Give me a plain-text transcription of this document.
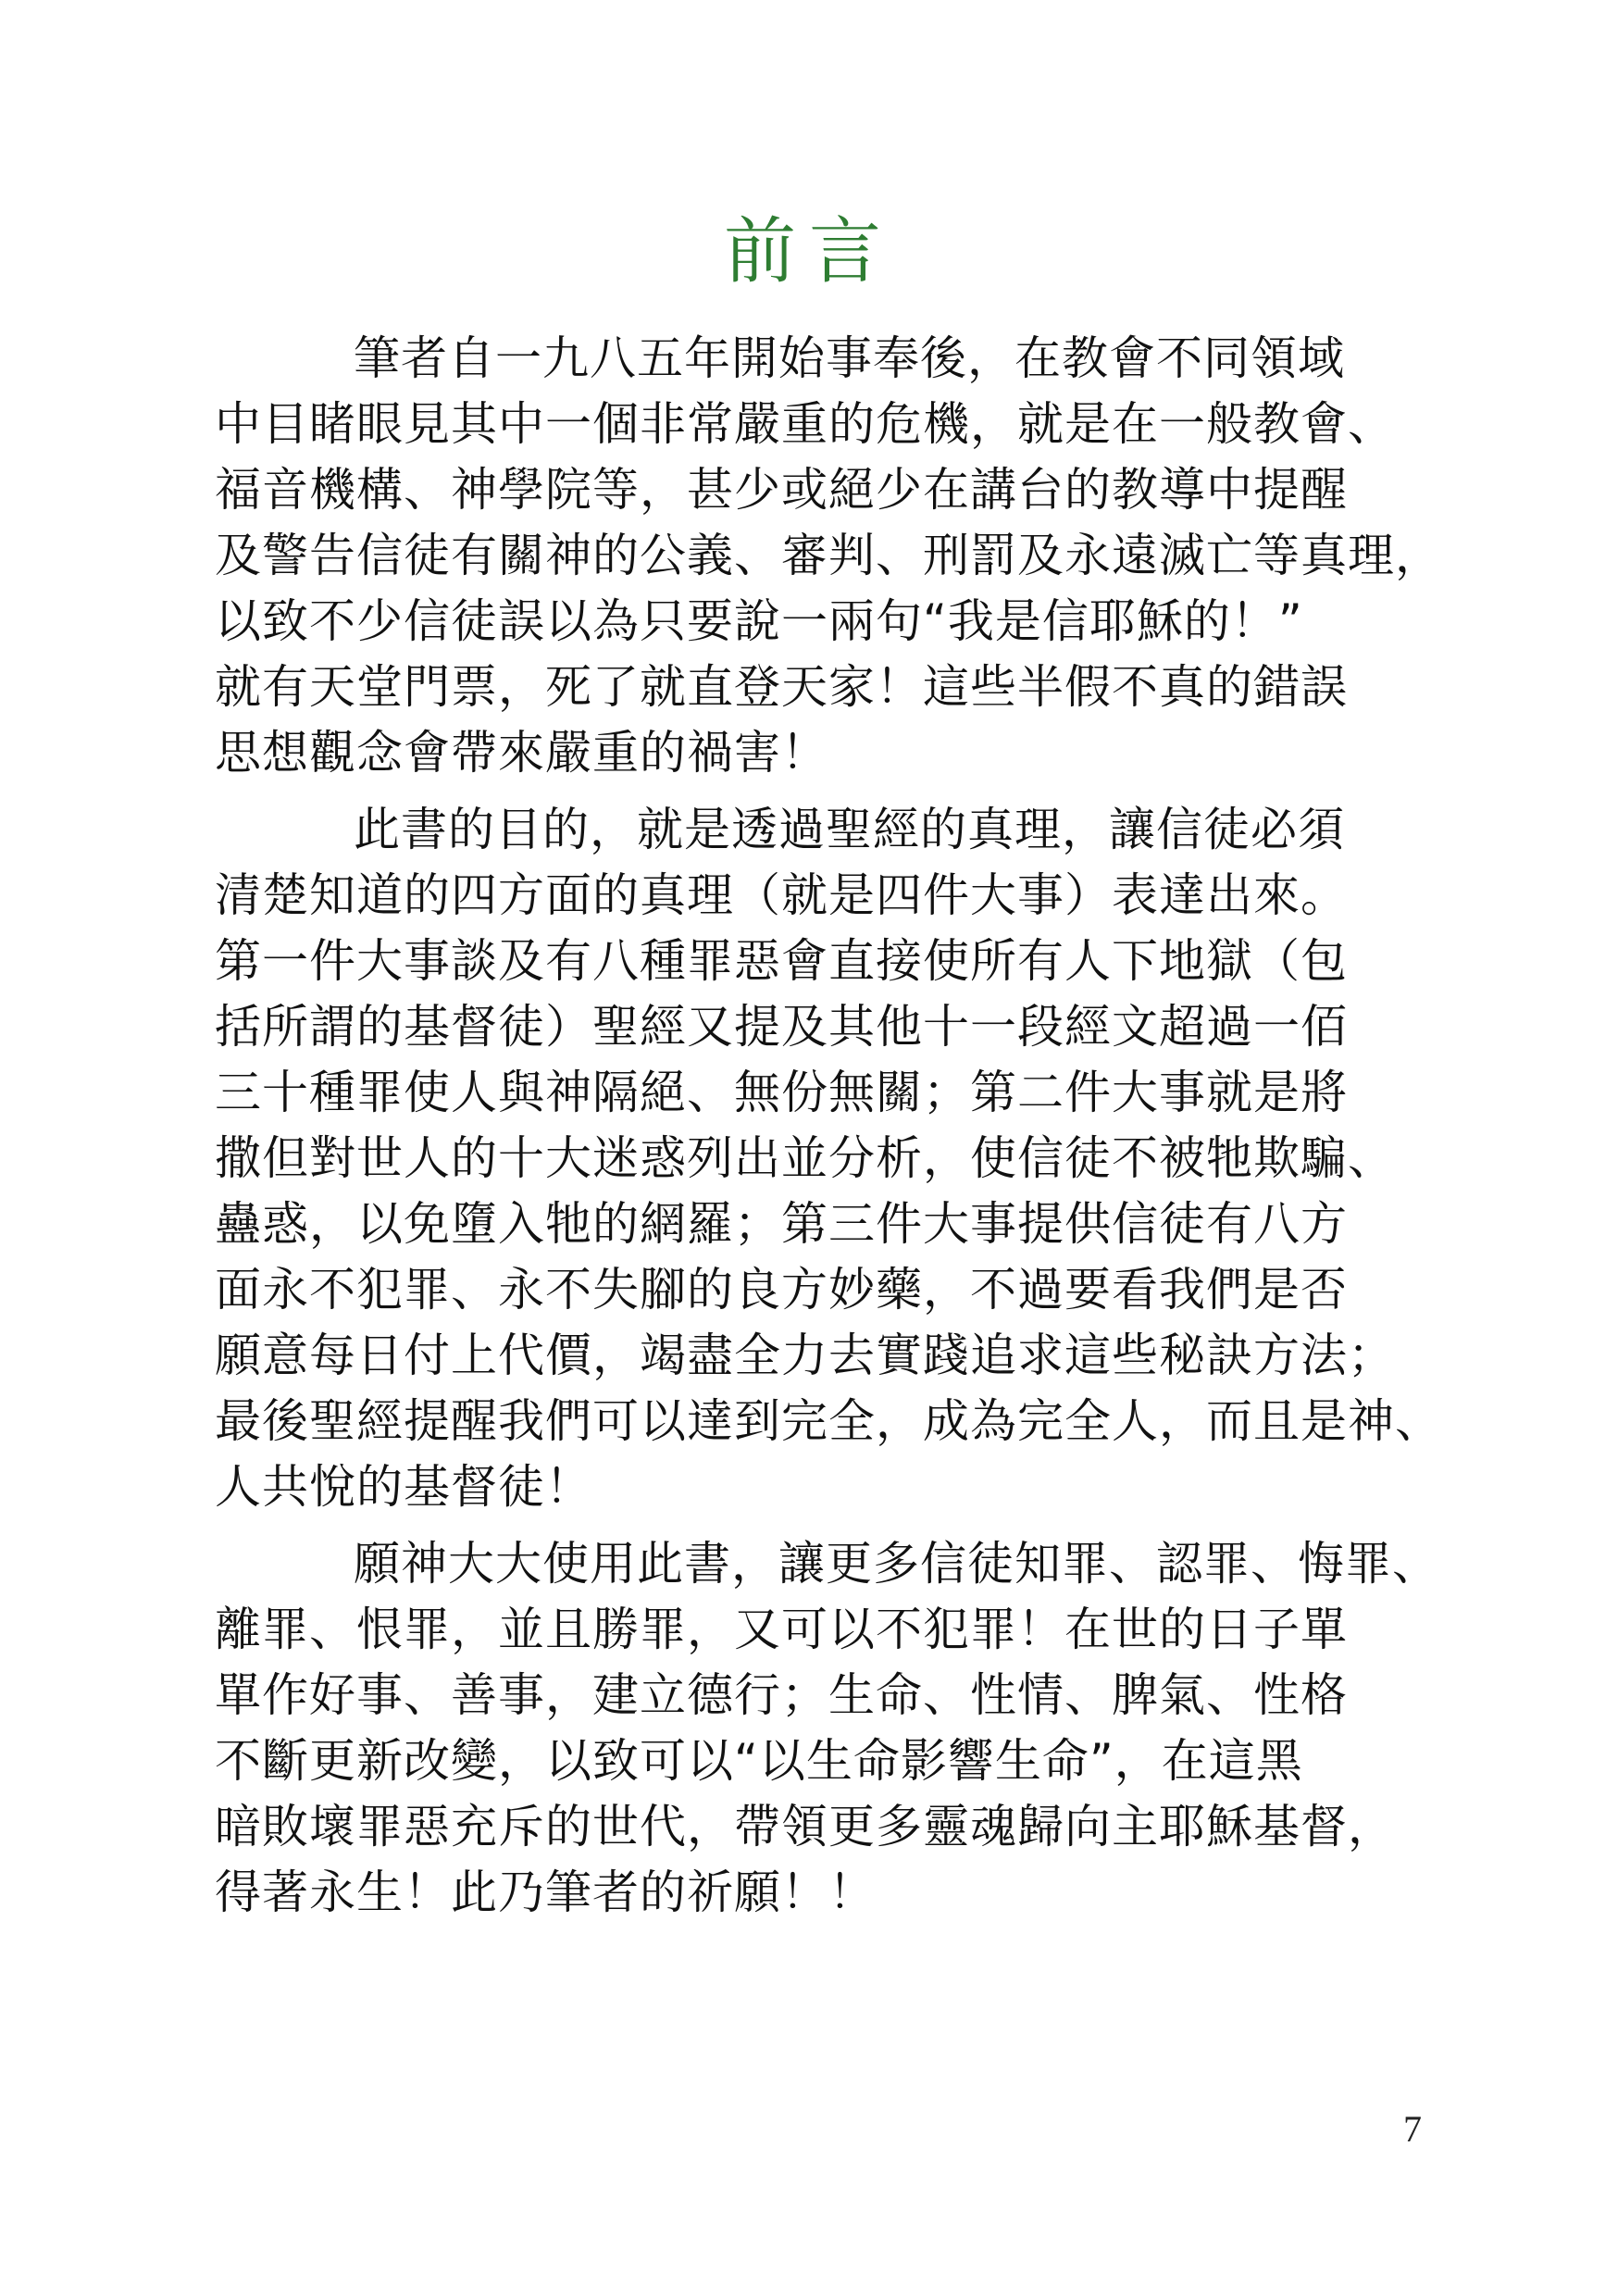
前言
筆者自一九八五年開始事奉後，在教會不同領域
中目睹眼見其中一個非常嚴重的危機，就是在一般教會、
福音機構、神學院等，甚少或絕少在講台的教導中提醒
及警告信徒有關神的公義、審判、刑罰及永遠滅亡等真理，
以致不少信徒誤以為只要說一兩句“我是信耶穌的！”
就有天堂門票，死了就直登天家！這些半假不真的錯誤
思想觀念會帶來嚴重的禍害！
此書的目的，就是透過聖經的真理，讓信徒必須
清楚知道的四方面的真理（就是四件大事）表達出來。
第一件大事談及有八種罪惡會直接使所有人下地獄（包
括所謂的基督徒）聖經又提及其他十一段經文超過一佰
三十種罪使人與神隔絕、無份無關；第二件大事就是將
撒但對世人的十大迷惑列出並分析，使信徒不被牠欺騙、
蠱惑，以免墮入牠的網羅；第三件大事提供信徒有八方
面永不犯罪、永不失腳的良方妙藥，不過要看我們是否
願意每日付上代價，竭盡全力去實踐追求這些秘訣方法；
最後聖經提醒我們可以達到完全，成為完全人，而且是神、
人共悅的基督徒！
願神大大使用此書，讓更多信徒知罪、認罪、悔罪、
離罪、恨罪，並且勝罪，又可以不犯罪！在世的日子單
單作好事、善事，建立德行；生命、性情、脾氣、性格
不斷更新改變，以致可以“以生命影響生命”，在這黑
暗敗壞罪惡充斥的世代，帶領更多靈魂歸向主耶穌基督，
得著永生！此乃筆者的祈願！！
7
